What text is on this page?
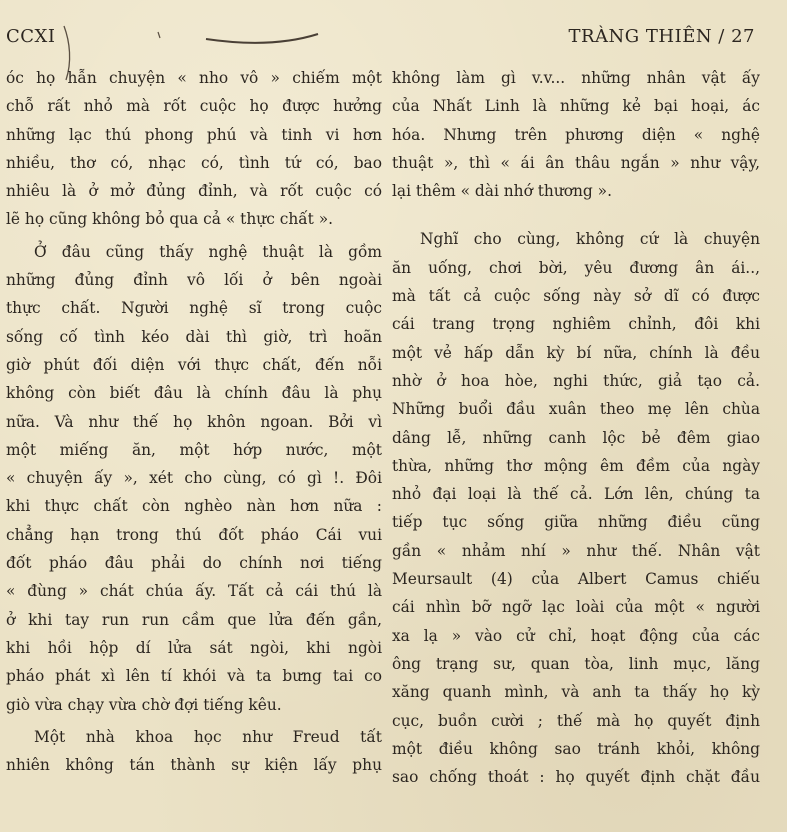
CCXI	TRÀNG THIÊN / 27
óc họ hẫn chuyện « nho vô » chiếm một
chỗ rất nhỏ mà rốt cuộc họ được hưởng
những lạc thú phong phú và tinh vi hơn
nhiều, thơ có, nhạc có, tình tứ có, bao
nhiêu là ở mở đủng đỉnh, và rốt cuộc có
lẽ họ cũng không bỏ qua cả « thực chất ».
Ở đâu cũng thấy nghệ thuật là gồm
những đủng đỉnh vô lối ở bên ngoài
thực chất. Người nghệ sĩ trong cuộc
sống cố tình kéo dài thì giờ, trì hoãn
giờ phút đối diện với thực chất, đến nỗi
không còn biết đâu là chính đâu là phụ
nữa. Và như thế họ khôn ngoan. Bởi vì
một miếng ăn, một hớp nước, một
« chuyện ấy », xét cho cùng, có gì !. Đôi
khi thực chất còn nghèo nàn hơn nữa :
chẳng hạn trong thú đốt pháo Cái vui
đốt pháo đâu phải do chính nơi tiếng
« đùng » chát chúa ấy. Tất cả cái thú là
ở khi tay run run cầm que lửa đến gần,
khi hồi hộp dí lửa sát ngòi, khi ngòi
pháo phát xì lên tí khói và ta bưng tai co
giò vừa chạy vừa chờ đợi tiếng kêu.
Một nhà khoa học như Freud tất
nhiên không tán thành sự kiện lấy phụ
không làm gì v.v... những nhân vật ấy
của Nhất Linh là những kẻ bại hoại, ác
hóa. Nhưng trên phương diện « nghệ
thuật », thì « ái ân thâu ngắn » như vậy,
lại thêm « dài nhớ thương ».
Nghĩ cho cùng, không cứ là chuyện
ăn uống, chơi bời, yêu đương ân ái..,
mà tất cả cuộc sống này sở dĩ có được
cái trang trọng nghiêm chỉnh, đôi khi
một vẻ hấp dẫn kỳ bí nữa, chính là đều
nhờ ở hoa hòe, nghi thức, giả tạo cả.
Những buổi đầu xuân theo mẹ lên chùa
dâng lễ, những canh lộc bẻ đêm giao
thừa, những thơ mộng êm đềm của ngày
nhỏ đại loại là thế cả. Lớn lên, chúng ta
tiếp tục sống giữa những điều cũng
gần « nhảm nhí » như thế. Nhân vật
Meursault (4) của Albert Camus chiếu
cái nhìn bỡ ngỡ lạc loài của một « người
xa lạ » vào cử chỉ, hoạt động của các
ông trạng sư, quan tòa, linh mục, lăng
xăng quanh mình, và anh ta thấy họ kỳ
cục, buồn cười ; thế mà họ quyết định
một điều không sao tránh khỏi, không
sao chống thoát : họ quyết định chặt đầu
